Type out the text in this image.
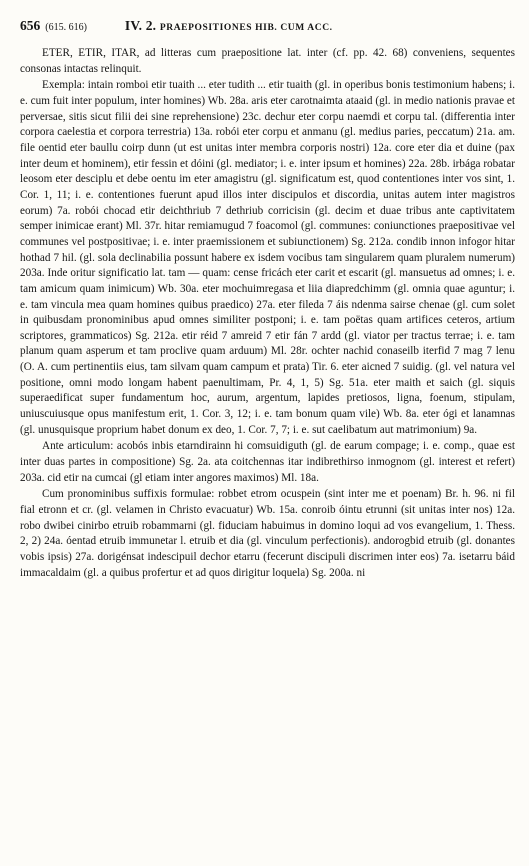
656 (615. 616)	IV. 2. PRAEPOSITIONES HIB. CUM ACC.

ETER, ETIR, ITAR, ad litteras cum praepositione lat. inter (cf. pp. 42. 68) conveniens, sequentes consonas intactas relinquit.

Exempla: intain romboi etir tuaith ... eter tudith ... etir tuaith (gl. in operibus bonis testimonium habens; i. e. cum fuit inter populum, inter homines) Wb. 28a. aris eter carotnaimta ataaid (gl. in medio nationis pravae et perversae, sitis sicut filii dei sine reprehensione) 23c. dechur eter corpu naemdi et corpu tal. (differentia inter corpora caelestia et corpora terrestria) 13a. robói eter corpu et anmanu (gl. medius paries, peccatum) 21a. am. file oentid eter baullu coirp dunn (ut est unitas inter membra corporis nostri) 12a. core eter dia et duine (pax inter deum et hominem), etir fessin et dóini (gl. mediator; i. e. inter ipsum et homines) 22a. 28b. irbága robatar leosom eter desciplu et debe oentu im eter amagistru (gl. significatum est, quod contentiones inter vos sint, 1. Cor. 1, 11; i. e. contentiones fuerunt apud illos inter discipulos et discordia, unitas autem inter magistros eorum) 7a. robói chocad etir deichthriub 7 dethriub corricisin (gl. decim et duae tribus ante captivitatem semper inimicae erant) Ml. 37r. hitar remiamugud 7 foacomol (gl. communes: coniunctiones praepositivae vel communes vel postpositivae; i. e. inter praemissionem et subiunctionem) Sg. 212a. condib innon infogor hitar hothad 7 hil. (gl. sola declinabilia possunt habere ex isdem vocibus tam singularem quam pluralem numerum) 203a. Inde oritur significatio lat. tam — quam: cense fricách eter carit et escarit (gl. mansuetus ad omnes; i. e. tam amicum quam inimicum) Wb. 30a. eter mochuimregasa et liia diapredchimm (gl. omnia quae aguntur; i. e. tam vincula mea quam homines quibus praedico) 27a. eter fileda 7 áis ndenma sairse chenae (gl. cum solet in quibusdam pronominibus apud omnes similiter postponi; i. e. tam poëtas quam artifices ceteros, artium scriptores, grammaticos) Sg. 212a. etir réid 7 amreid 7 etir fán 7 ardd (gl. viator per tractus terrae; i. e. tam planum quam asperum et tam proclive quam arduum) Ml. 28r. ochter nachid conaseilb iterfid 7 mag 7 lenu (O. A. cum pertinentiis eius, tam silvam quam campum et prata) Tir. 6. eter aicned 7 suidig. (gl. vel natura vel positione, omni modo longam habent paenultimam, Pr. 4, 1, 5) Sg. 51a. eter maith et saich (gl. siquis superaedificat super fundamentum hoc, aurum, argentum, lapides pretiosos, ligna, foenum, stipulam, uniuscuiusque opus manifestum erit, 1. Cor. 3, 12; i. e. tam bonum quam vile) Wb. 8a. eter ógi et lanamnas (gl. unusquisque proprium habet donum ex deo, 1. Cor. 7, 7; i. e. sut caelibatum aut matrimonium) 9a.

Ante articulum: acobós inbis etarndirainn hi comsuidiguth (gl. de earum compage; i. e. comp., quae est inter duas partes in compositione) Sg. 2a. ata coitchennas itar indibrethirso inmognom (gl. interest et refert) 203a. cid etir na cumcai (gl etiam inter angores maximos) Ml. 18a.

Cum pronominibus suffixis formulae: robbet etrom ocuspein (sint inter me et poenam) Br. h. 96. ni fil fial etronn et cr. (gl. velamen in Christo evacuatur) Wb. 15a. conroib óintu etrunni (sit unitas inter nos) 12a. robo dwibei cinirbo etruib robammarni (gl. fiduciam habuimus in domino loqui ad vos evangelium, 1. Thess. 2, 2) 24a. óentad etruib immunetar l. etruib et dia (gl. vinculum perfectionis). andorogbid etruib (gl. donantes vobis ipsis) 27a. dorigénsat indescipuil dechor etarru (fecerunt discipuli discrimen inter eos) 7a. isetarru báid immacaldaim (gl. a quibus profertur et ad quos dirigitur loquela) Sg. 200a. ni
